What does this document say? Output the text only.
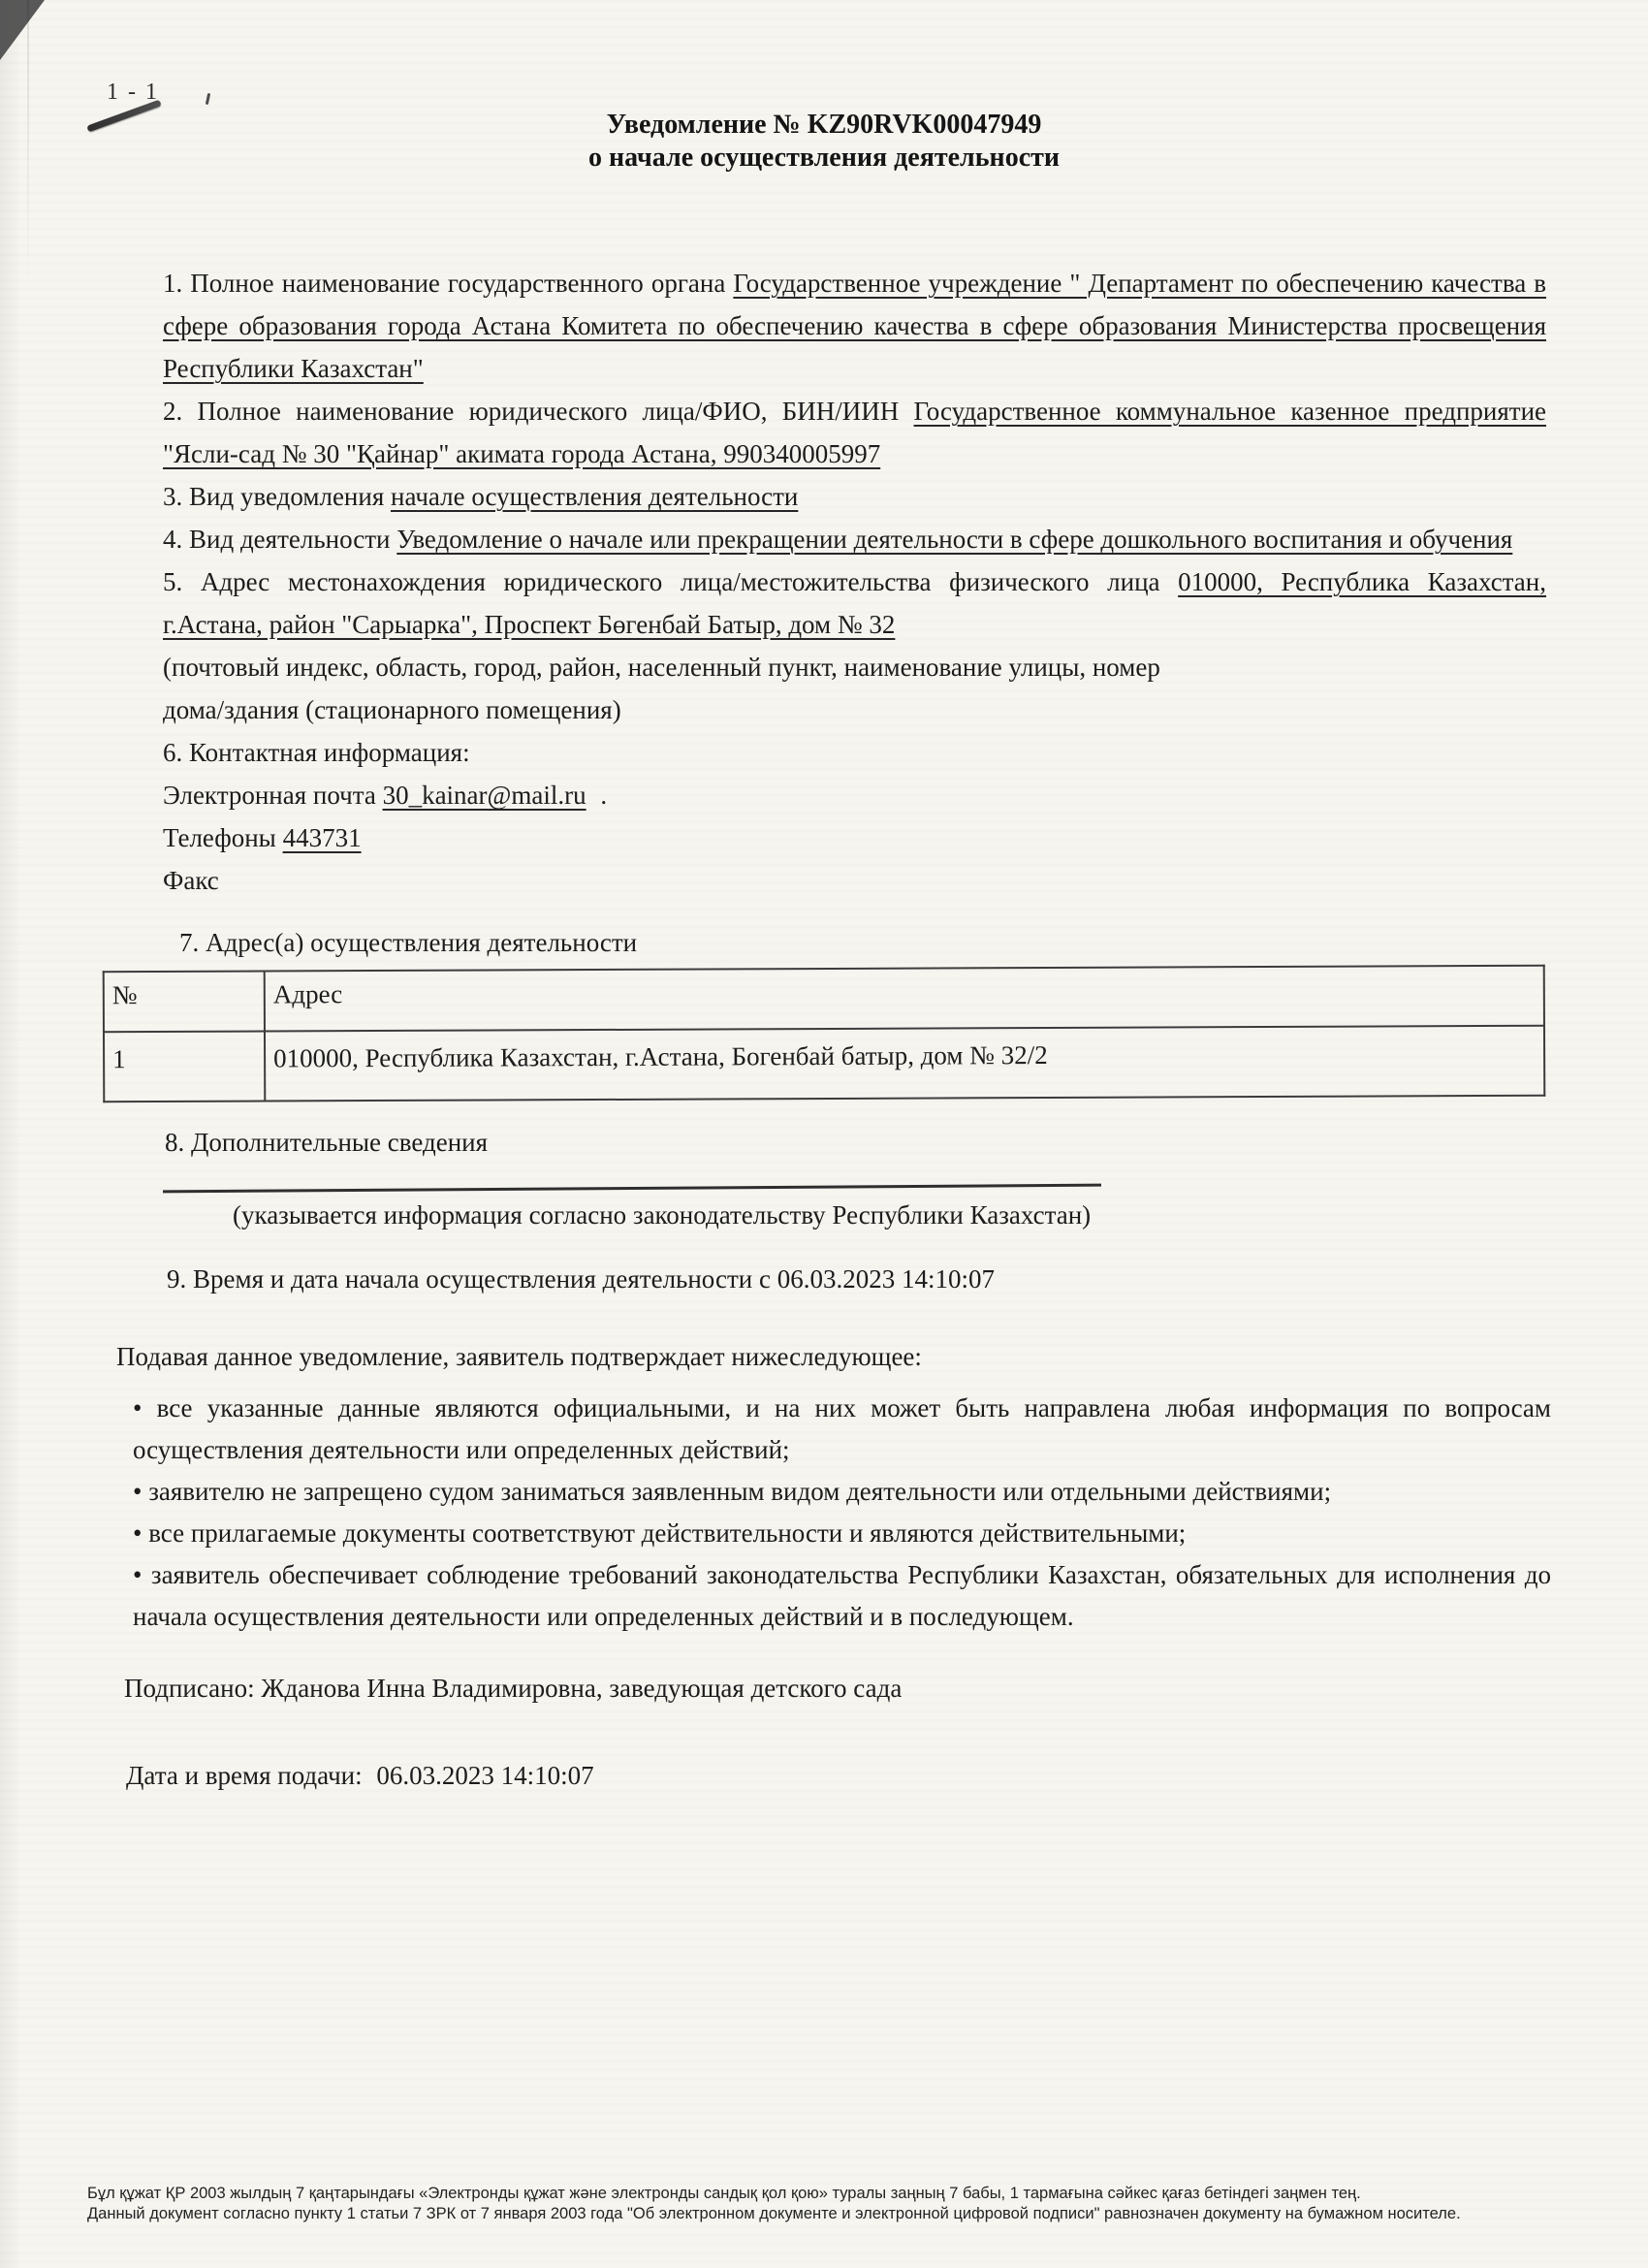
1 - 1
Уведомление № KZ90RVK00047949
о начале осуществления деятельности

1. Полное наименование государственного органа Государственное учреждение " Департамент по обеспечению качества в сфере образования города Астана Комитета по обеспечению качества в сфере образования Министерства просвещения Республики Казахстан"

2. Полное наименование юридического лица/ФИО, БИН/ИИН Государственное коммунальное казенное предприятие "Ясли-сад № 30 "Қайнар" акимата города Астана, 990340005997

3. Вид уведомления начале осуществления деятельности

4. Вид деятельности Уведомление о начале или прекращении деятельности в сфере дошкольного воспитания и обучения

5. Адрес местонахождения юридического лица/местожительства физического лица 010000, Республика Казахстан, г.Астана, район "Сарыарка", Проспект Бөгенбай Батыр, дом № 32

(почтовый индекс, область, город, район, населенный пункт, наименование улицы, номер

дома/здания (стационарного помещения)

6. Контактная информация:

Электронная почта 30_kainar@mail.ru .

Телефоны 443731

Факс

7. Адрес(а) осуществления деятельности

№	Адрес
1	010000, Республика Казахстан, г.Астана, Богенбай батыр, дом № 32/2

8. Дополнительные сведения

(указывается информация согласно законодательству Республики Казахстан)

9. Время и дата начала осуществления деятельности с 06.03.2023 14:10:07

Подавая данное уведомление, заявитель подтверждает нижеследующее:

• все указанные данные являются официальными, и на них может быть направлена любая информация по вопросам осуществления деятельности или определенных действий;

• заявителю не запрещено судом заниматься заявленным видом деятельности или отдельными действиями;

• все прилагаемые документы соответствуют действительности и являются действительными;

• заявитель обеспечивает соблюдение требований законодательства Республики Казахстан, обязательных для исполнения до начала осуществления деятельности или определенных действий и в последующем.

Подписано: Жданова Инна Владимировна, заведующая детского сада

Дата и время подачи: 06.03.2023 14:10:07

Бұл құжат ҚР 2003 жылдың 7 қаңтарындағы «Электронды құжат және электронды сандық қол қою» туралы заңның 7 бабы, 1 тармағына сәйкес қағаз бетіндегі заңмен тең.

Данный документ согласно пункту 1 статьи 7 ЗРК от 7 января 2003 года "Об электронном документе и электронной цифровой подписи" равнозначен документу на бумажном носителе.
